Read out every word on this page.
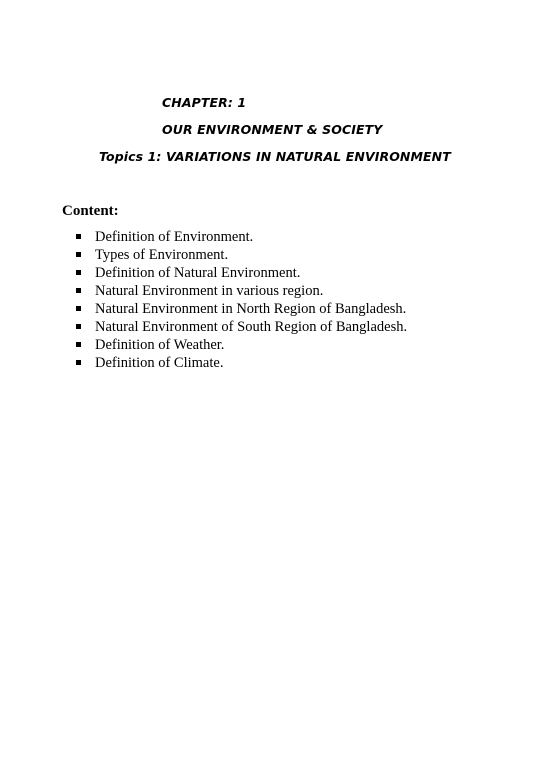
CHAPTER: 1
OUR ENVIRONMENT & SOCIETY
Topics 1: VARIATIONS IN NATURAL ENVIRONMENT
Content:
Definition of Environment.
Types of Environment.
Definition of Natural Environment.
Natural Environment in various region.
Natural Environment in North Region of Bangladesh.
Natural Environment of South Region of Bangladesh.
Definition of Weather.
Definition of Climate.
